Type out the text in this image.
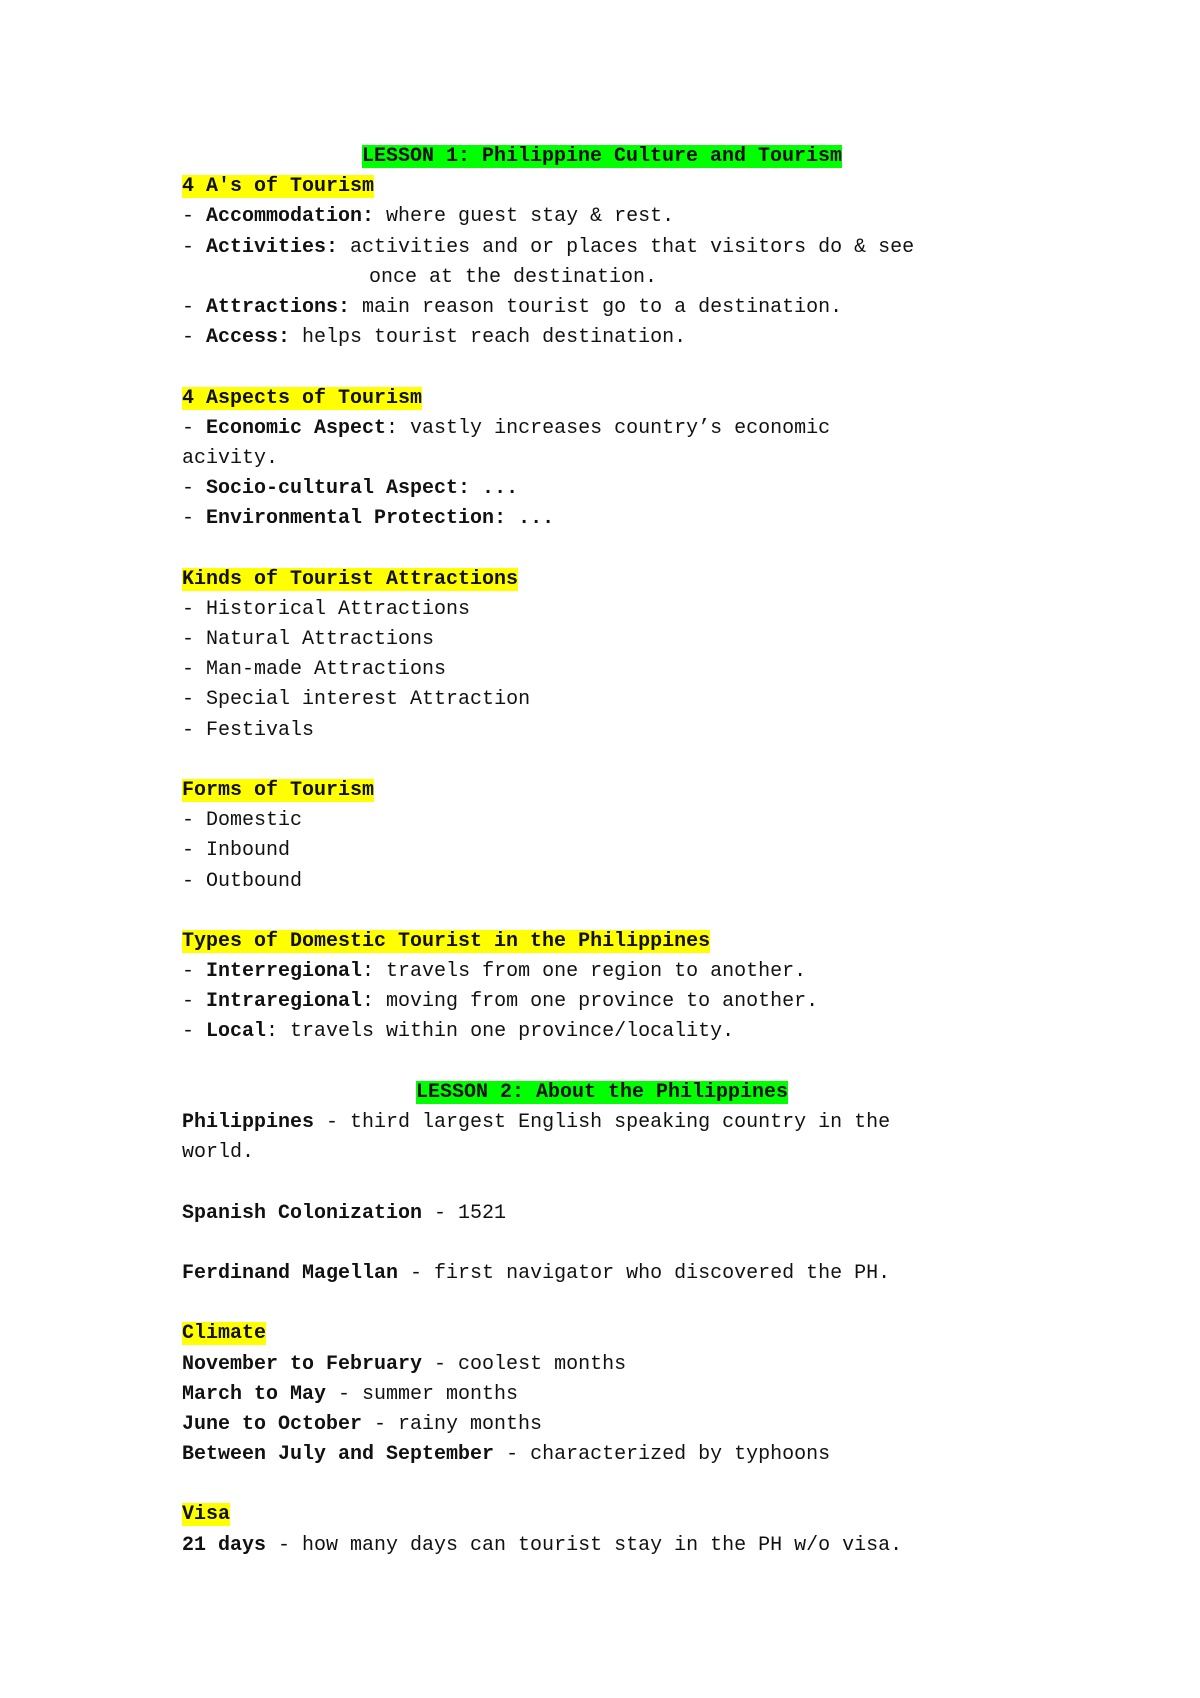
LESSON 1: Philippine Culture and Tourism
4 A's of Tourism
- Accommodation: where guest stay & rest.
- Activities: activities and or places that visitors do & see
once at the destination.
- Attractions: main reason tourist go to a destination.
- Access: helps tourist reach destination.
4 Aspects of Tourism
- Economic Aspect: vastly increases country’s economic
acivity.
- Socio-cultural Aspect: ...
- Environmental Protection: ...
Kinds of Tourist Attractions
- Historical Attractions
- Natural Attractions
- Man-made Attractions
- Special interest Attraction
- Festivals
Forms of Tourism
- Domestic
- Inbound
- Outbound
Types of Domestic Tourist in the Philippines
- Interregional: travels from one region to another.
- Intraregional: moving from one province to another.
- Local: travels within one province/locality.
LESSON 2: About the Philippines
Philippines - third largest English speaking country in the
world.
Spanish Colonization - 1521
Ferdinand Magellan - first navigator who discovered the PH.
Climate
November to February - coolest months
March to May - summer months
June to October - rainy months
Between July and September - characterized by typhoons
Visa
21 days - how many days can tourist stay in the PH w/o visa.
